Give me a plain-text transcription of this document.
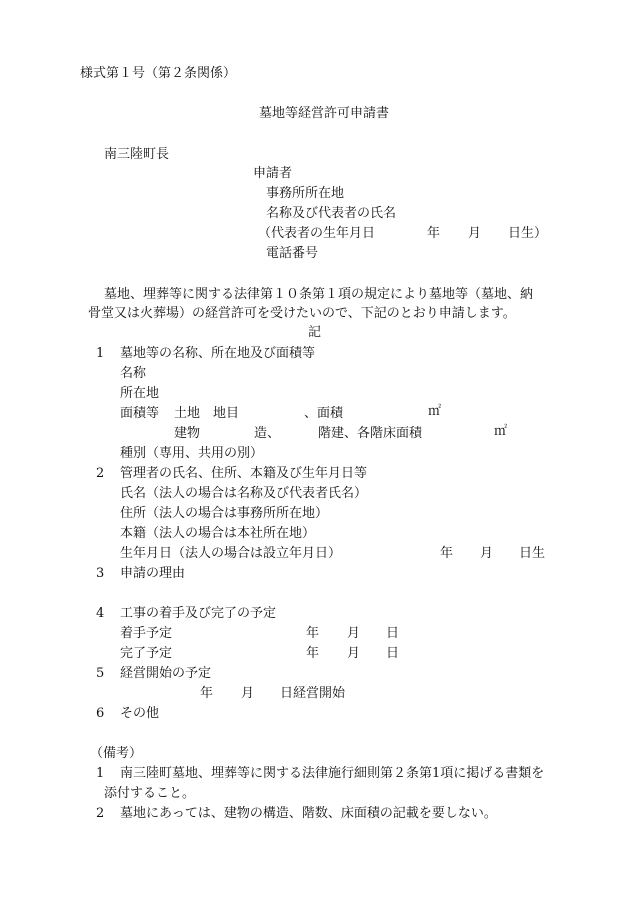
様式第１号（第２条関係）
墓地等経営許可申請書
南三陸町長
申請者
事務所所在地
名称及び代表者の氏名
（代表者の生年月日	年 月 日生）
電話番号
墓地、埋葬等に関する法律第１０条第１項の規定により墓地等（墓地、納
骨堂又は火葬場）の経営許可を受けたいので、下記のとおり申請します。
記
1 墓地等の名称、所在地及び面積等
名称
所在地
面積等 土地 地目	、面積	㎡
建物	造、	階建、各階床面積	㎡
種別（専用、共用の別）
2 管理者の氏名、住所、本籍及び生年月日等
氏名（法人の場合は名称及び代表者氏名）
住所（法人の場合は事務所所在地）
本籍（法人の場合は本社所在地）
生年月日（法人の場合は設立年月日）	年 月 日生
3 申請の理由
4 工事の着手及び完了の予定
着手予定	年 月 日
完了予定	年 月 日
5 経営開始の予定
年 月 日経営開始
6 その他
（備考）
1 南三陸町墓地、埋葬等に関する法律施行細則第２条第1項に掲げる書類を
添付すること。
2 墓地にあっては、建物の構造、階数、床面積の記載を要しない。
